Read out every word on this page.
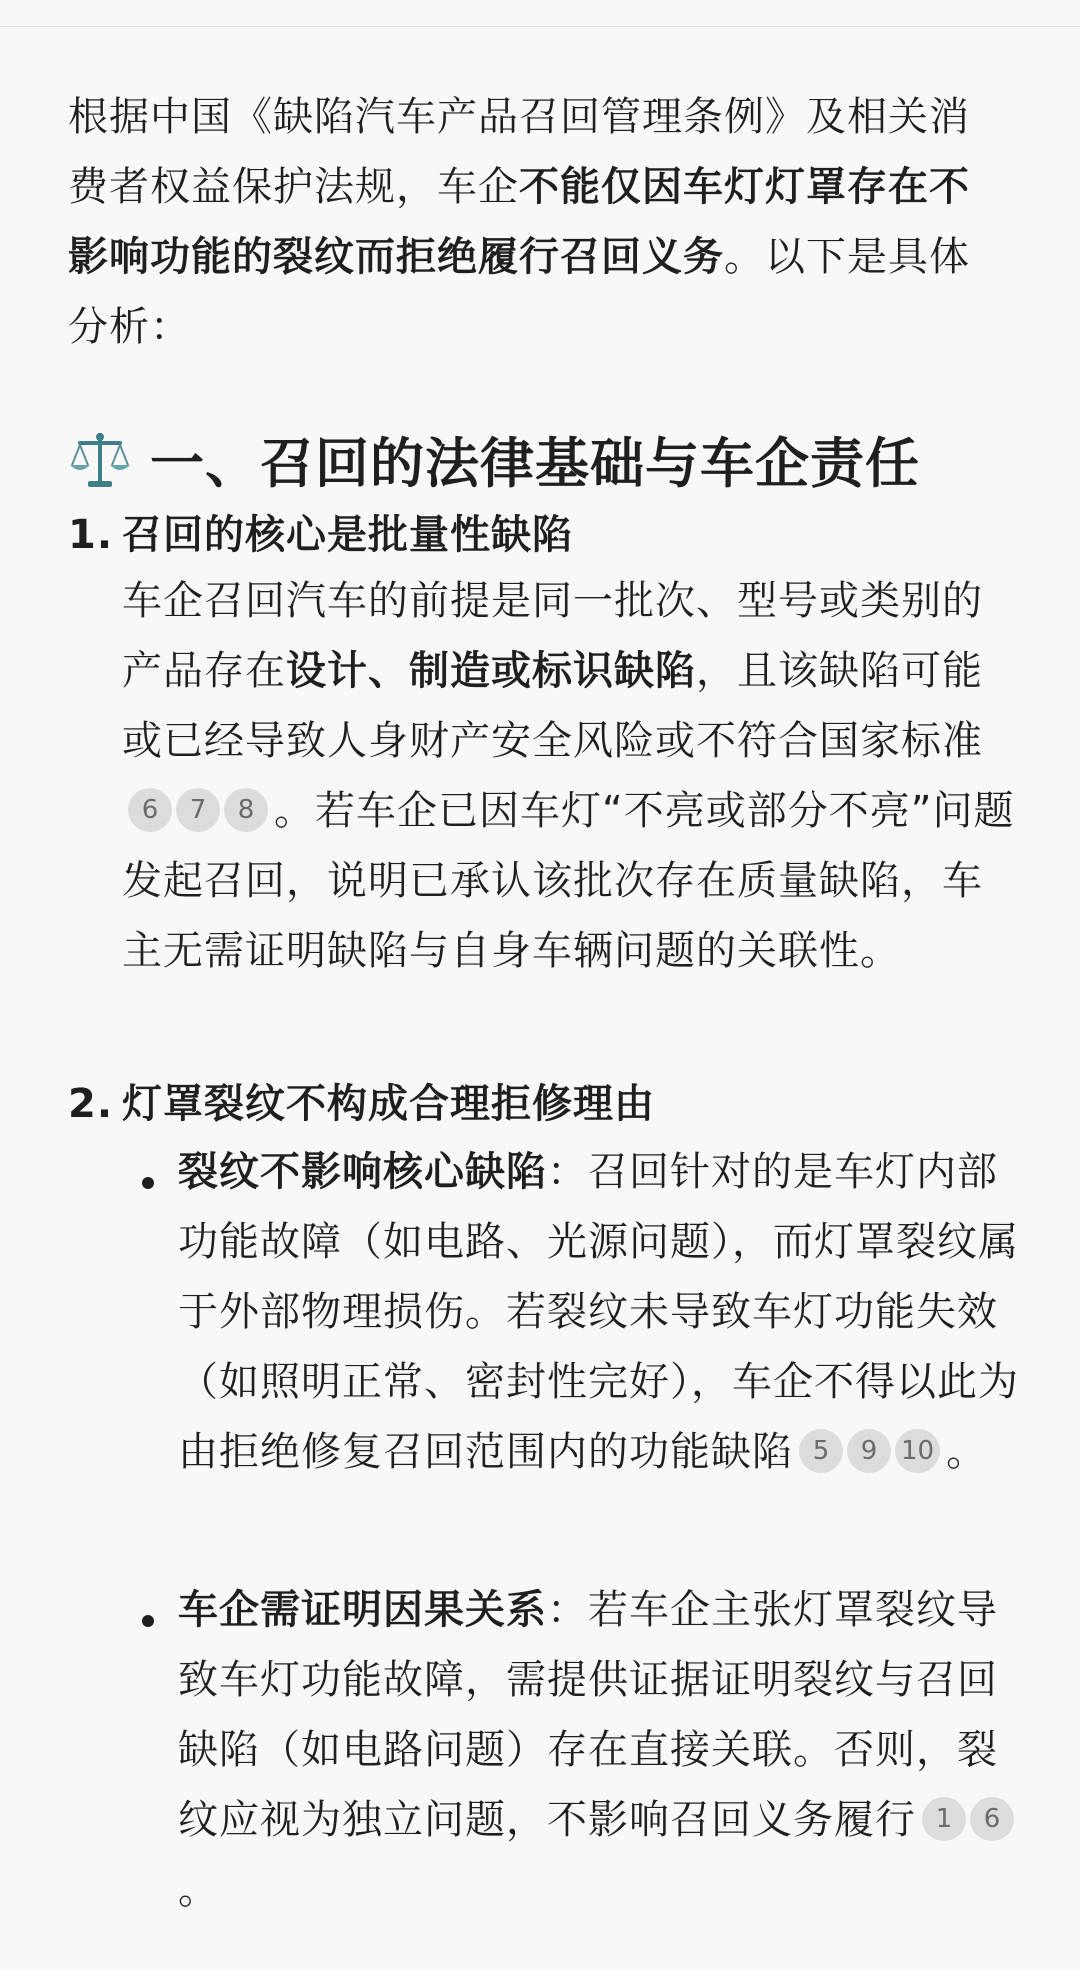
根据中国《缺陷汽车产品召回管理条例》及相关消费者权益保护法规，车企不能仅因车灯灯罩存在不影响功能的裂纹而拒绝履行召回义务。以下是具体分析：
一、召回的法律基础与车企责任
1. 召回的核心是批量性缺陷
车企召回汽车的前提是同一批次、型号或类别的产品存在设计、制造或标识缺陷，且该缺陷可能或已经导致人身财产安全风险或不符合国家标准
6	7	8 。若车企已因车灯“不亮或部分不亮”问题发起召回，说明已承认该批次存在质量缺陷，车主无需证明缺陷与自身车辆问题的关联性。
2. 灯罩裂纹不构成合理拒修理由
裂纹不影响核心缺陷：召回针对的是车灯内部功能故障（如电路、光源问题），而灯罩裂纹属于外部物理损伤。若裂纹未导致车灯功能失效（如照明正常、密封性完好），车企不得以此为由拒绝修复召回范围内的功能缺陷 5	9 10 。
车企需证明因果关系：若车企主张灯罩裂纹导致车灯功能故障，需提供证据证明裂纹与召回缺陷（如电路问题）存在直接关联。否则，裂纹应视为独立问题，不影响召回义务履行 1	6
。
